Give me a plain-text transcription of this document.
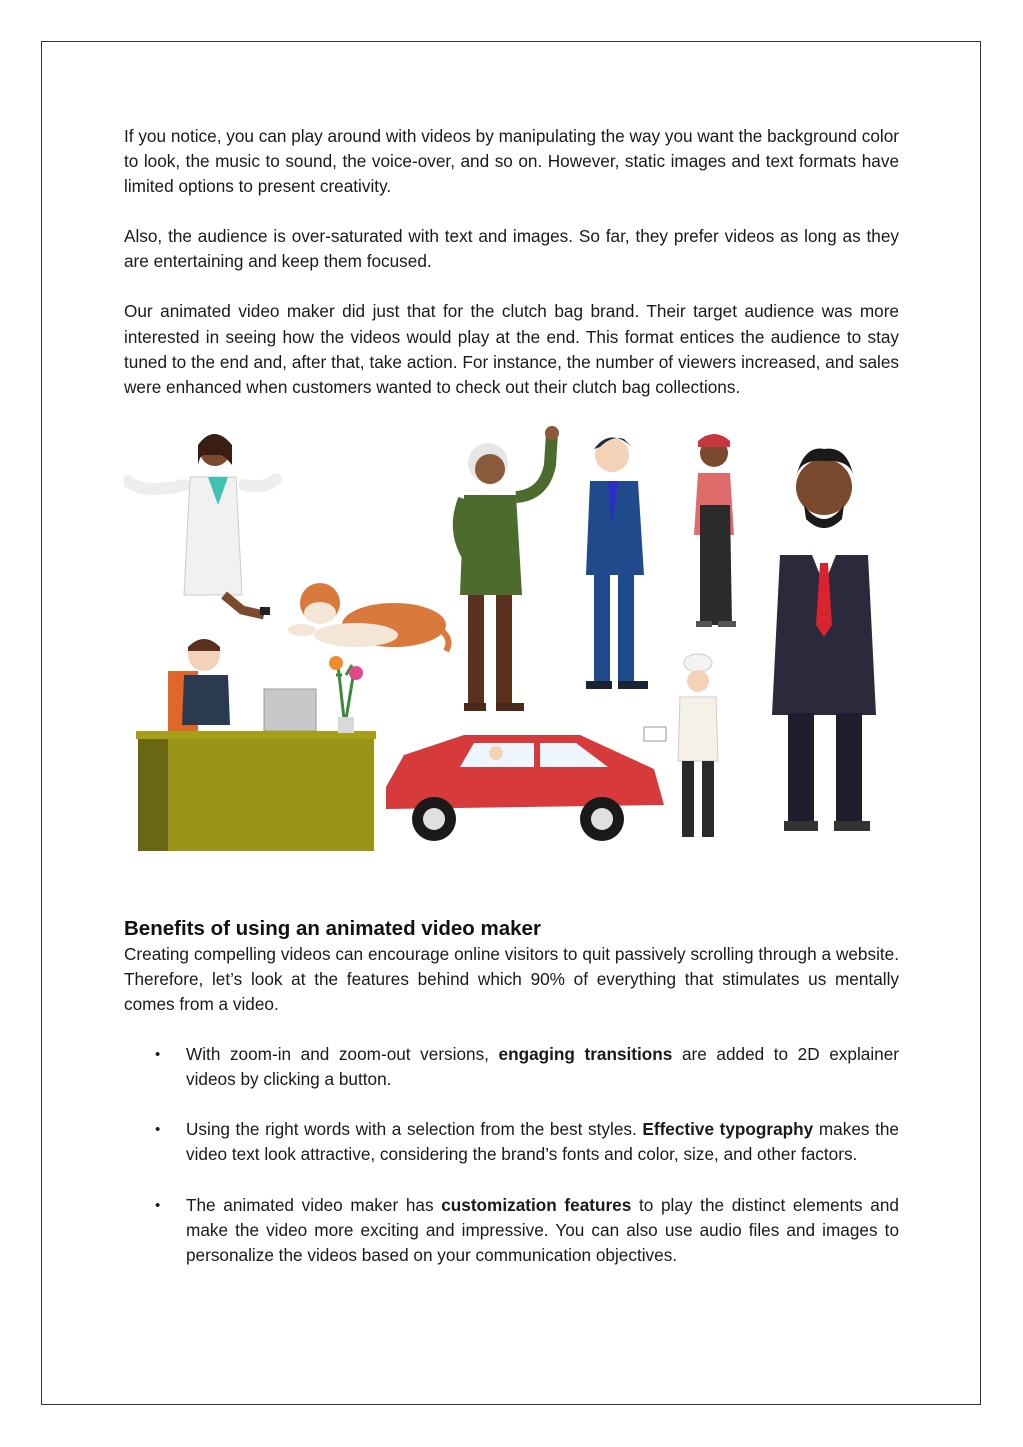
If you notice, you can play around with videos by manipulating the way you want the background color to look, the music to sound, the voice-over, and so on. However, static images and text formats have limited options to present creativity.

Also, the audience is over-saturated with text and images. So far, they prefer videos as long as they are entertaining and keep them focused.

Our animated video maker did just that for the clutch bag brand. Their target audience was more interested in seeing how the videos would play at the end. This format entices the audience to stay tuned to the end and, after that, take action. For instance, the number of viewers increased, and sales were enhanced when customers wanted to check out their clutch bag collections.

Benefits of using an animated video maker

Creating compelling videos can encourage online visitors to quit passively scrolling through a website. Therefore, let’s look at the features behind which 90% of everything that stimulates us mentally comes from a video.

• With zoom-in and zoom-out versions, engaging transitions are added to 2D explainer videos by clicking a button.
• Using the right words with a selection from the best styles. Effective typography makes the video text look attractive, considering the brand’s fonts and color, size, and other factors.
• The animated video maker has customization features to play the distinct elements and make the video more exciting and impressive. You can also use audio files and images to personalize the videos based on your communication objectives.
